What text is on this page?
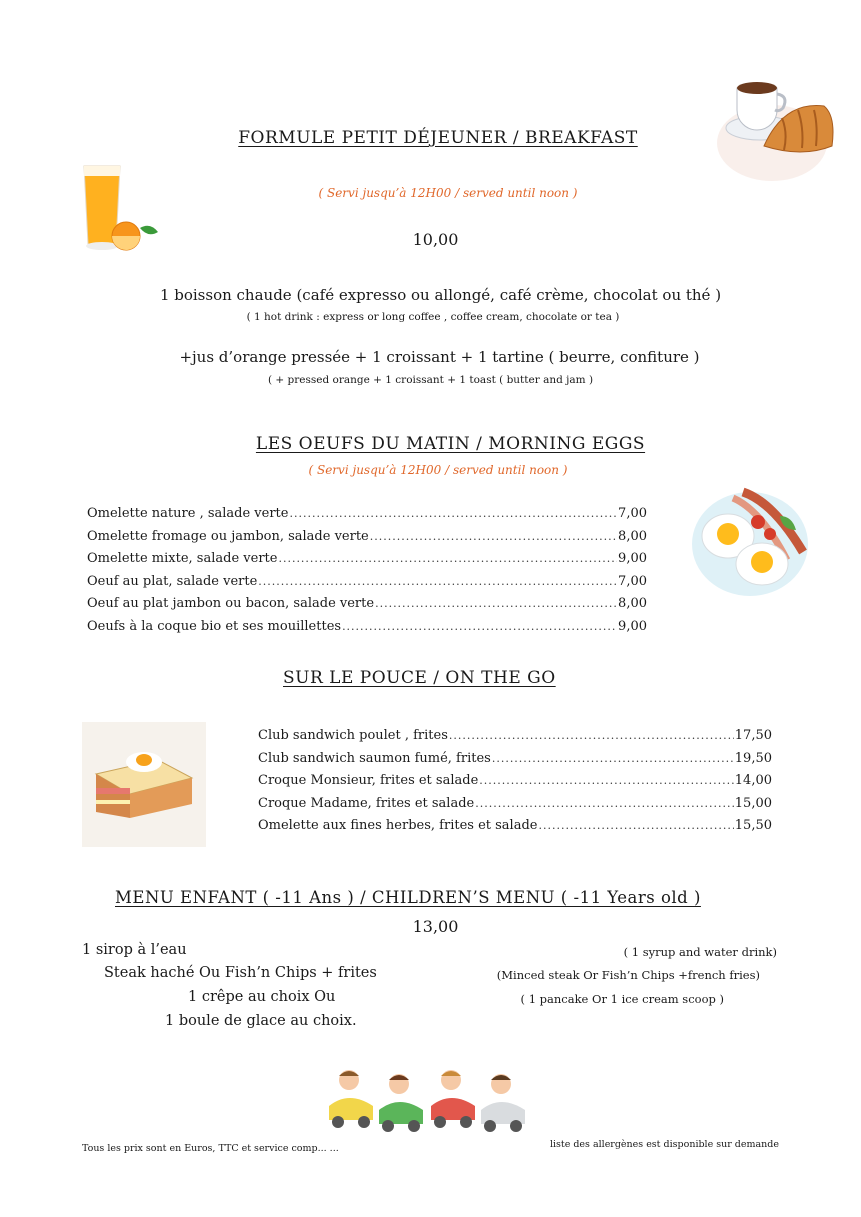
FORMULE PETIT DÉJEUNER / BREAKFAST
( Servi jusqu’à 12H00 / served until noon )
10,00
1 boisson chaude (café expresso ou allongé, café crème, chocolat ou thé )
( 1 hot drink : express or long coffee , coffee cream, chocolate or tea )
+jus d’orange pressée + 1 croissant + 1 tartine ( beurre, confiture )
( + pressed orange + 1 croissant + 1 toast ( butter and jam )
LES OEUFS DU MATIN / MORNING EGGS
( Servi jusqu’à 12H00 / served until noon )
Omelette nature , salade verte .....	7,00
Omelette fromage ou jambon, salade verte .....	8,00
Omelette mixte, salade verte .....	9,00
Oeuf au plat, salade verte .....	7,00
Oeuf au plat jambon ou bacon, salade verte .....	8,00
Oeufs à la coque bio et ses mouillettes .....	9,00
SUR LE POUCE / ON THE GO
Club sandwich poulet , frites .....	17,50
Club sandwich saumon fumé, frites .....	19,50
Croque Monsieur, frites et salade .....	14,00
Croque Madame, frites et salade .....	15,00
Omelette aux fines herbes, frites et salade .....	15,50
MENU ENFANT ( -11 Ans ) / CHILDREN’S MENU ( -11 Years old )
13,00
1 sirop à l’eau
Steak haché Ou Fish’n Chips + frites
1 crêpe au choix Ou
1 boule de glace au choix.
( 1 syrup and water drink)
(Minced steak Or Fish’n Chips +french fries)
( 1 pancake Or 1 ice cream scoop )
Tous les prix sont en Euros, TTC et service comp... ...	liste des allergènes est disponible sur demande
